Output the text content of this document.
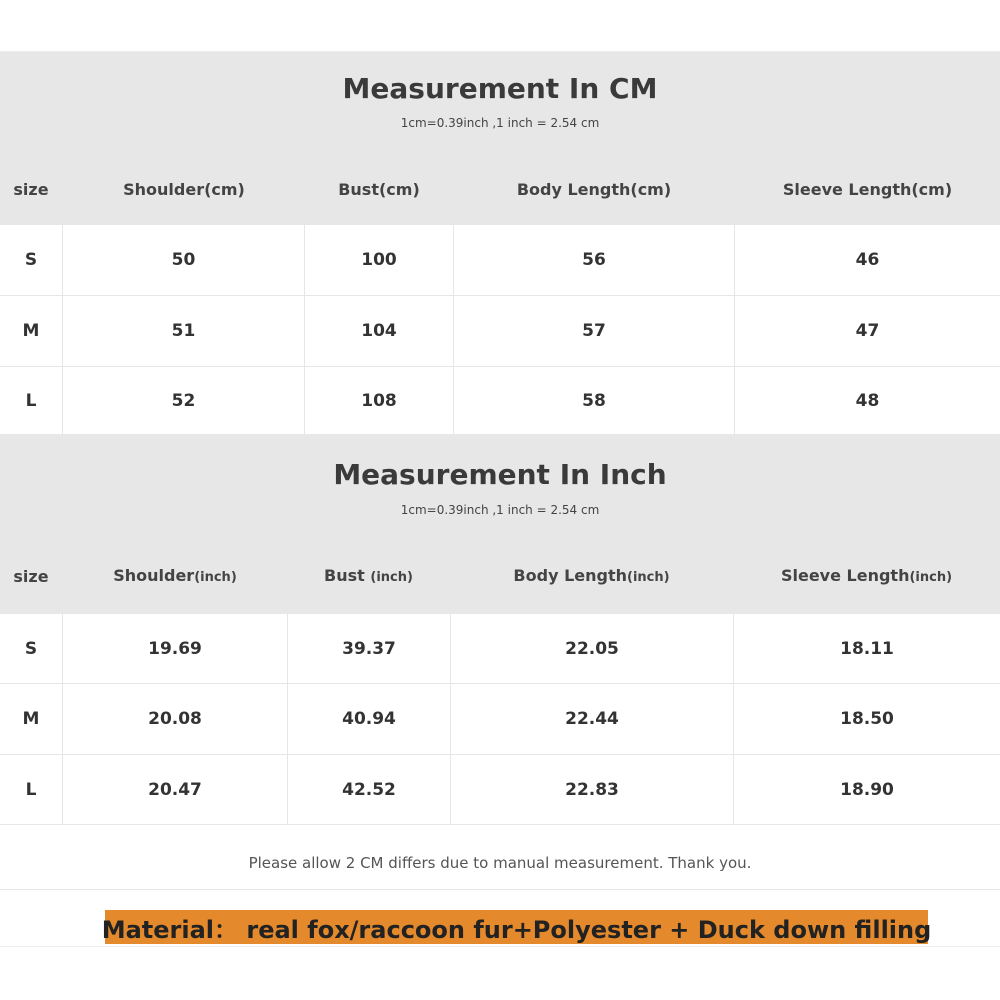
Measurement In CM
1cm=0.39inch ,1 inch = 2.54 cm
size	Shoulder(cm)	Bust(cm)	Body Length(cm)	Sleeve Length(cm)
S	50	100	56	46
M	51	104	57	47
L	52	108	58	48
Measurement In Inch
1cm=0.39inch ,1 inch = 2.54 cm
size	Shoulder(inch)	Bust (inch)	Body Length(inch)	Sleeve Length(inch)
S	19.69	39.37	22.05	18.11
M	20.08	40.94	22.44	18.50
L	20.47	42.52	22.83	18.90
Please allow 2 CM differs due to manual measurement. Thank you.
Material： real fox/raccoon fur+Polyester + Duck down filling
